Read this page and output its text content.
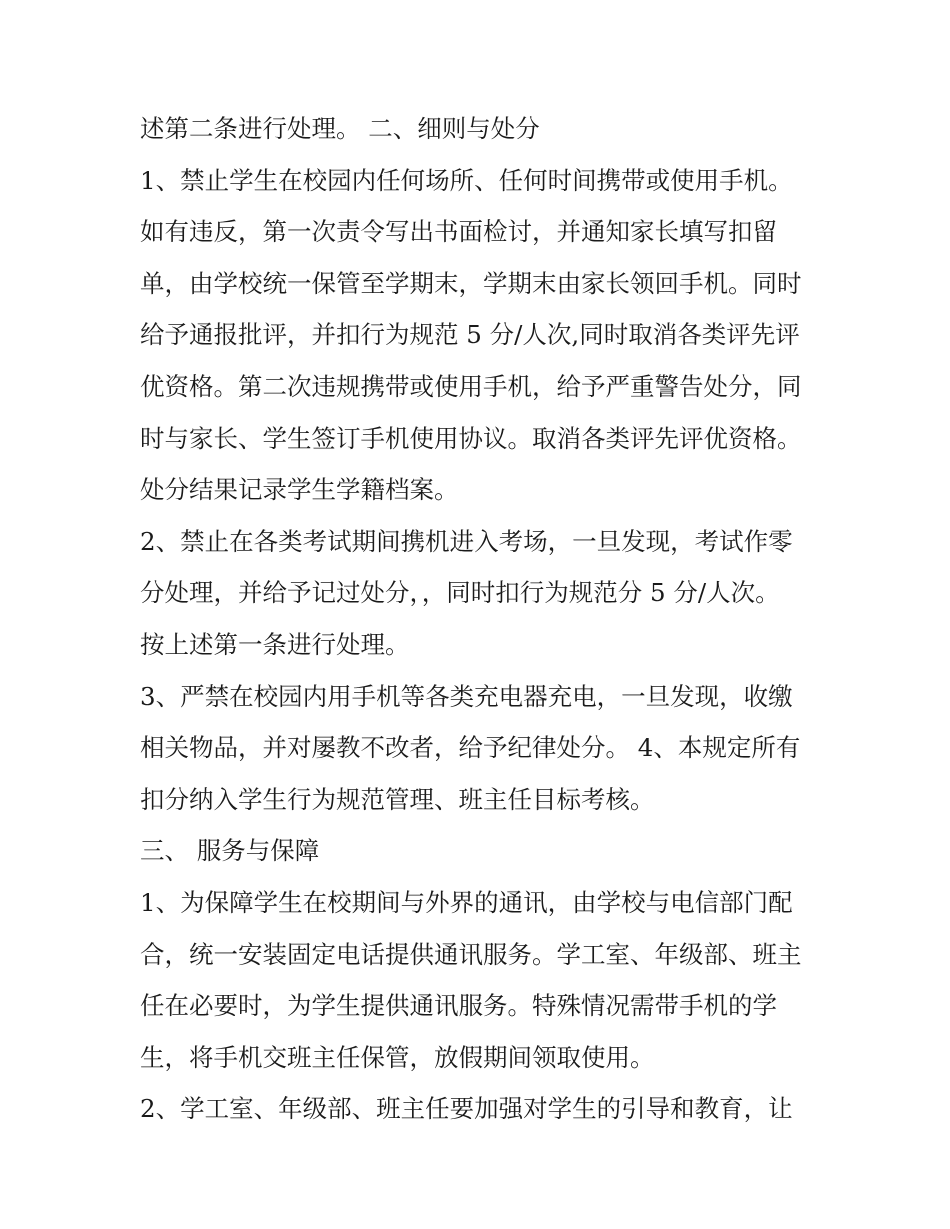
述第二条进行处理。 二、细则与处分
1、禁止学生在校园内任何场所、任何时间携带或使用手机。
如有违反，第一次责令写出书面检讨，并通知家长填写扣留
单，由学校统一保管至学期末，学期末由家长领回手机。同时
给予通报批评，并扣行为规范 5 分/人次,同时取消各类评先评
优资格。第二次违规携带或使用手机，给予严重警告处分，同
时与家长、学生签订手机使用协议。取消各类评先评优资格。
处分结果记录学生学籍档案。
2、禁止在各类考试期间携机进入考场，一旦发现，考试作零
分处理，并给予记过处分，，同时扣行为规范分 5 分/人次。
按上述第一条进行处理。
3、严禁在校园内用手机等各类充电器充电，一旦发现，收缴
相关物品，并对屡教不改者，给予纪律处分。 4、本规定所有
扣分纳入学生行为规范管理、班主任目标考核。
三、 服务与保障
1、为保障学生在校期间与外界的通讯，由学校与电信部门配
合，统一安装固定电话提供通讯服务。学工室、年级部、班主
任在必要时，为学生提供通讯服务。特殊情况需带手机的学
生，将手机交班主任保管，放假期间领取使用。
2、学工室、年级部、班主任要加强对学生的引导和教育，让
